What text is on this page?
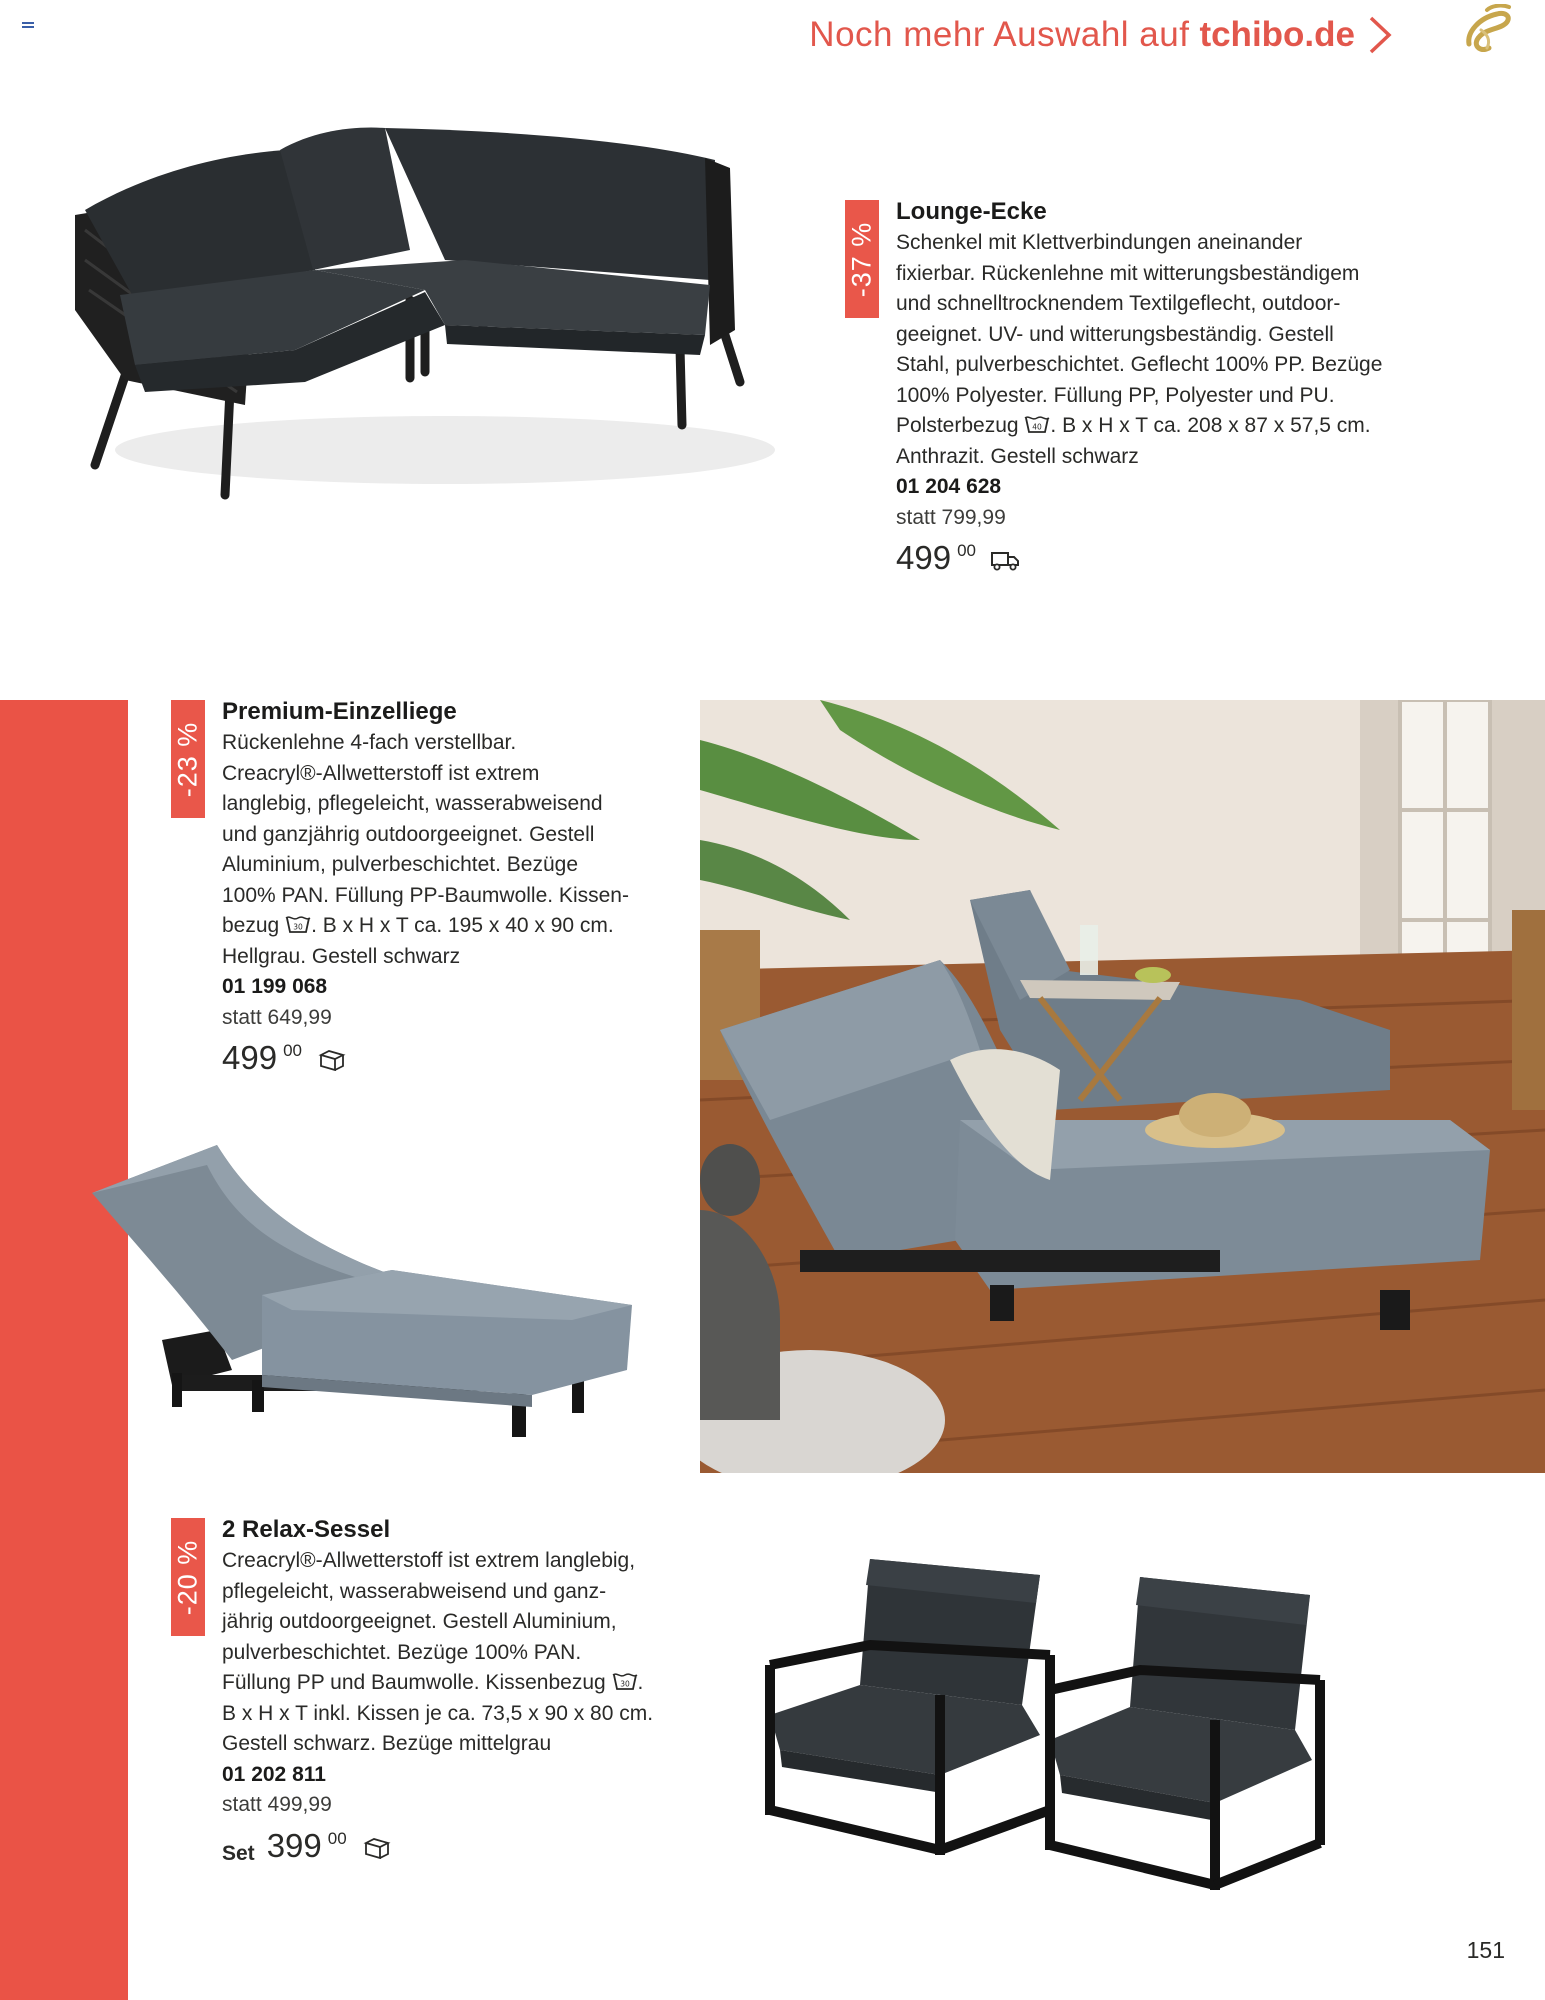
Noch mehr Auswahl auf tchibo.de
-37 %
Lounge-Ecke
Schenkel mit Klettverbindungen aneinander
fixierbar. Rückenlehne mit witterungsbeständigem
und schnelltrocknendem Textilgeflecht, outdoor-
geeignet. UV- und witterungsbeständig. Gestell
Stahl, pulverbeschichtet. Geflecht 100% PP. Bezüge
100% Polyester. Füllung PP, Polyester und PU.
Polsterbezug 40 . B x H x T ca. 208 x 87 x 57,5 cm.
Anthrazit. Gestell schwarz
01 204 628
statt 799,99
499 00
-23 %
Premium-Einzelliege
Rückenlehne 4-fach verstellbar.
Creacryl®-Allwetterstoff ist extrem
langlebig, pflegeleicht, wasserabweisend
und ganzjährig outdoorgeeignet. Gestell
Aluminium, pulverbeschichtet. Bezüge
100% PAN. Füllung PP-Baumwolle. Kissen-
bezug 30 . B x H x T ca. 195 x 40 x 90 cm.
Hellgrau. Gestell schwarz
01 199 068
statt 649,99
499 00
-20 %
2 Relax-Sessel
Creacryl®-Allwetterstoff ist extrem langlebig,
pflegeleicht, wasserabweisend und ganz-
jährig outdoorgeeignet. Gestell Aluminium,
pulverbeschichtet. Bezüge 100% PAN.
Füllung PP und Baumwolle. Kissenbezug 30 .
B x H x T inkl. Kissen je ca. 73,5 x 90 x 80 cm.
Gestell schwarz. Bezüge mittelgrau
01 202 811
statt 499,99
Set 399 00
151
